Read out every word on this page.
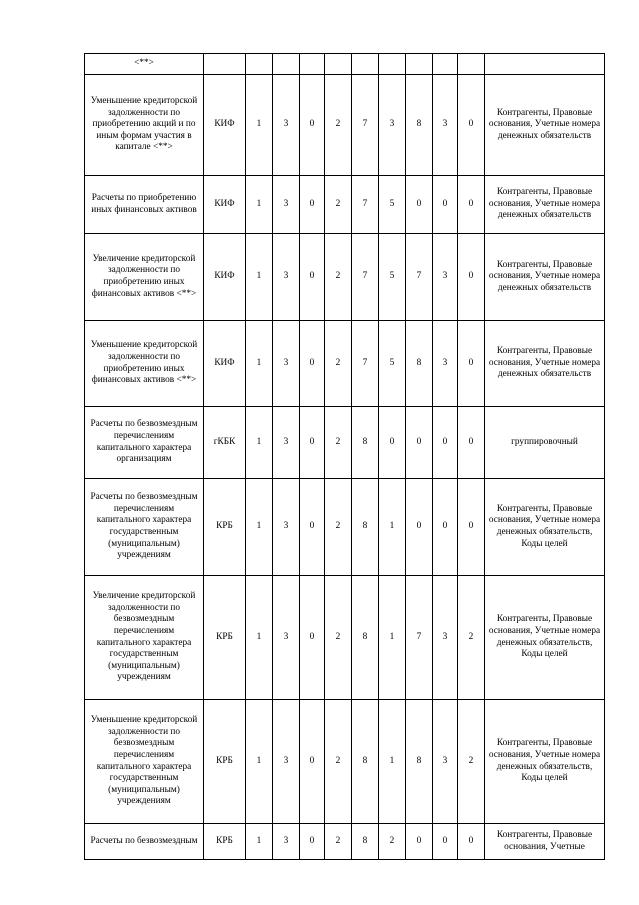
<**>											
Уменьшение кредиторской задолженности по приобретению акций и по иным формам участия в капитале <**>	КИФ	1	3	0	2	7	3	8	3	0	Контрагенты, Правовые основания, Учетные номера денежных обязательств
Расчеты по приобретению иных финансовых активов	КИФ	1	3	0	2	7	5	0	0	0	Контрагенты, Правовые основания, Учетные номера денежных обязательств
Увеличение кредиторской задолженности по приобретению иных финансовых активов <**>	КИФ	1	3	0	2	7	5	7	3	0	Контрагенты, Правовые основания, Учетные номера денежных обязательств
Уменьшение кредиторской задолженности по приобретению иных финансовых активов <**>	КИФ	1	3	0	2	7	5	8	3	0	Контрагенты, Правовые основания, Учетные номера денежных обязательств
Расчеты по безвозмездным перечислениям капитального характера организациям	гКБК	1	3	0	2	8	0	0	0	0	группировочный
Расчеты по безвозмездным перечислениям капитального характера государственным (муниципальным) учреждениям	КРБ	1	3	0	2	8	1	0	0	0	Контрагенты, Правовые основания, Учетные номера денежных обязательств, Коды целей
Увеличение кредиторской задолженности по безвозмездным перечислениям капитального характера государственным (муниципальным) учреждениям	КРБ	1	3	0	2	8	1	7	3	2	Контрагенты, Правовые основания, Учетные номера денежных обязательств, Коды целей
Уменьшение кредиторской задолженности по безвозмездным перечислениям капитального характера государственным (муниципальным) учреждениям	КРБ	1	3	0	2	8	1	8	3	2	Контрагенты, Правовые основания, Учетные номера денежных обязательств, Коды целей
Расчеты по безвозмездным	КРБ	1	3	0	2	8	2	0	0	0	Контрагенты, Правовые основания, Учетные
